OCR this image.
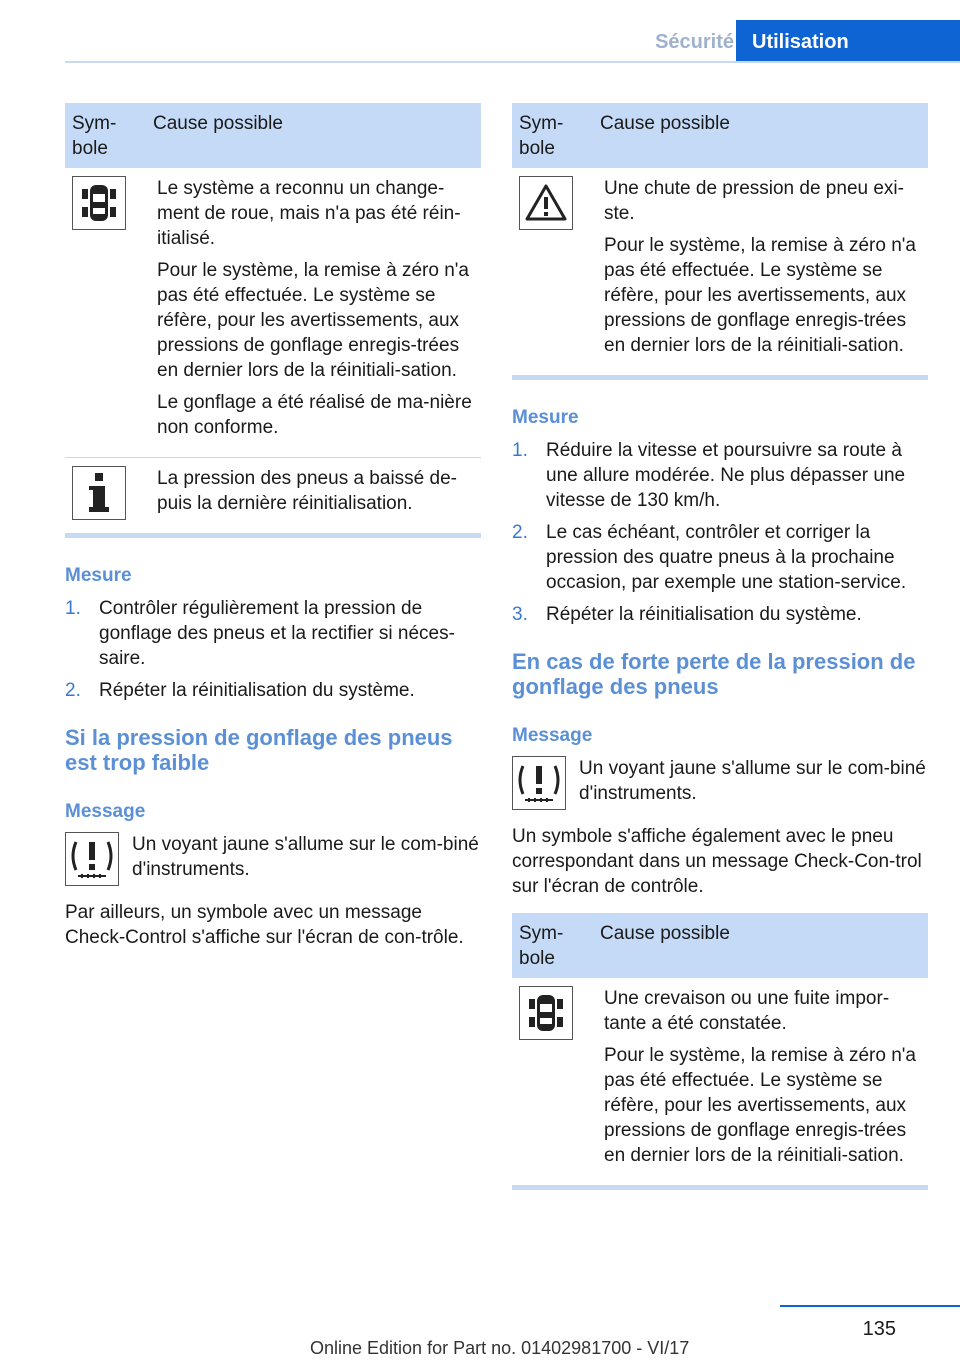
Sécurité Utilisation
Sym-
bole
Cause possible

Le système a reconnu un change-ment de roue, mais n'a pas été réin-itialisé.

Pour le système, la remise à zéro n'a pas été effectuée. Le système se réfère, pour les avertissements, aux pressions de gonflage enregis-trées en dernier lors de la réinitiali-sation.

Le gonflage a été réalisé de ma-nière non conforme.

La pression des pneus a baissé de-puis la dernière réinitialisation.

Mesure

1. Contrôler régulièrement la pression de gonflage des pneus et la rectifier si néces-saire.
2. Répéter la réinitialisation du système.

Si la pression de gonflage des pneus est trop faible

Message

Un voyant jaune s'allume sur le com-biné d'instruments.

Par ailleurs, un symbole avec un message Check-Control s'affiche sur l'écran de con-trôle.

Sym-
bole
Cause possible

Une chute de pression de pneu exi-ste.

Pour le système, la remise à zéro n'a pas été effectuée. Le système se réfère, pour les avertissements, aux pressions de gonflage enregis-trées en dernier lors de la réinitiali-sation.

Mesure

1. Réduire la vitesse et poursuivre sa route à une allure modérée. Ne plus dépasser une vitesse de 130 km/h.
2. Le cas échéant, contrôler et corriger la pression des quatre pneus à la prochaine occasion, par exemple une station-service.
3. Répéter la réinitialisation du système.

En cas de forte perte de la pression de gonflage des pneus

Message

Un voyant jaune s'allume sur le com-biné d'instruments.

Un symbole s'affiche également avec le pneu correspondant dans un message Check-Con-trol sur l'écran de contrôle.

Sym-
bole
Cause possible

Une crevaison ou une fuite impor-tante a été constatée.

Pour le système, la remise à zéro n'a pas été effectuée. Le système se réfère, pour les avertissements, aux pressions de gonflage enregis-trées en dernier lors de la réinitiali-sation.

135
Online Edition for Part no. 01402981700 - VI/17
